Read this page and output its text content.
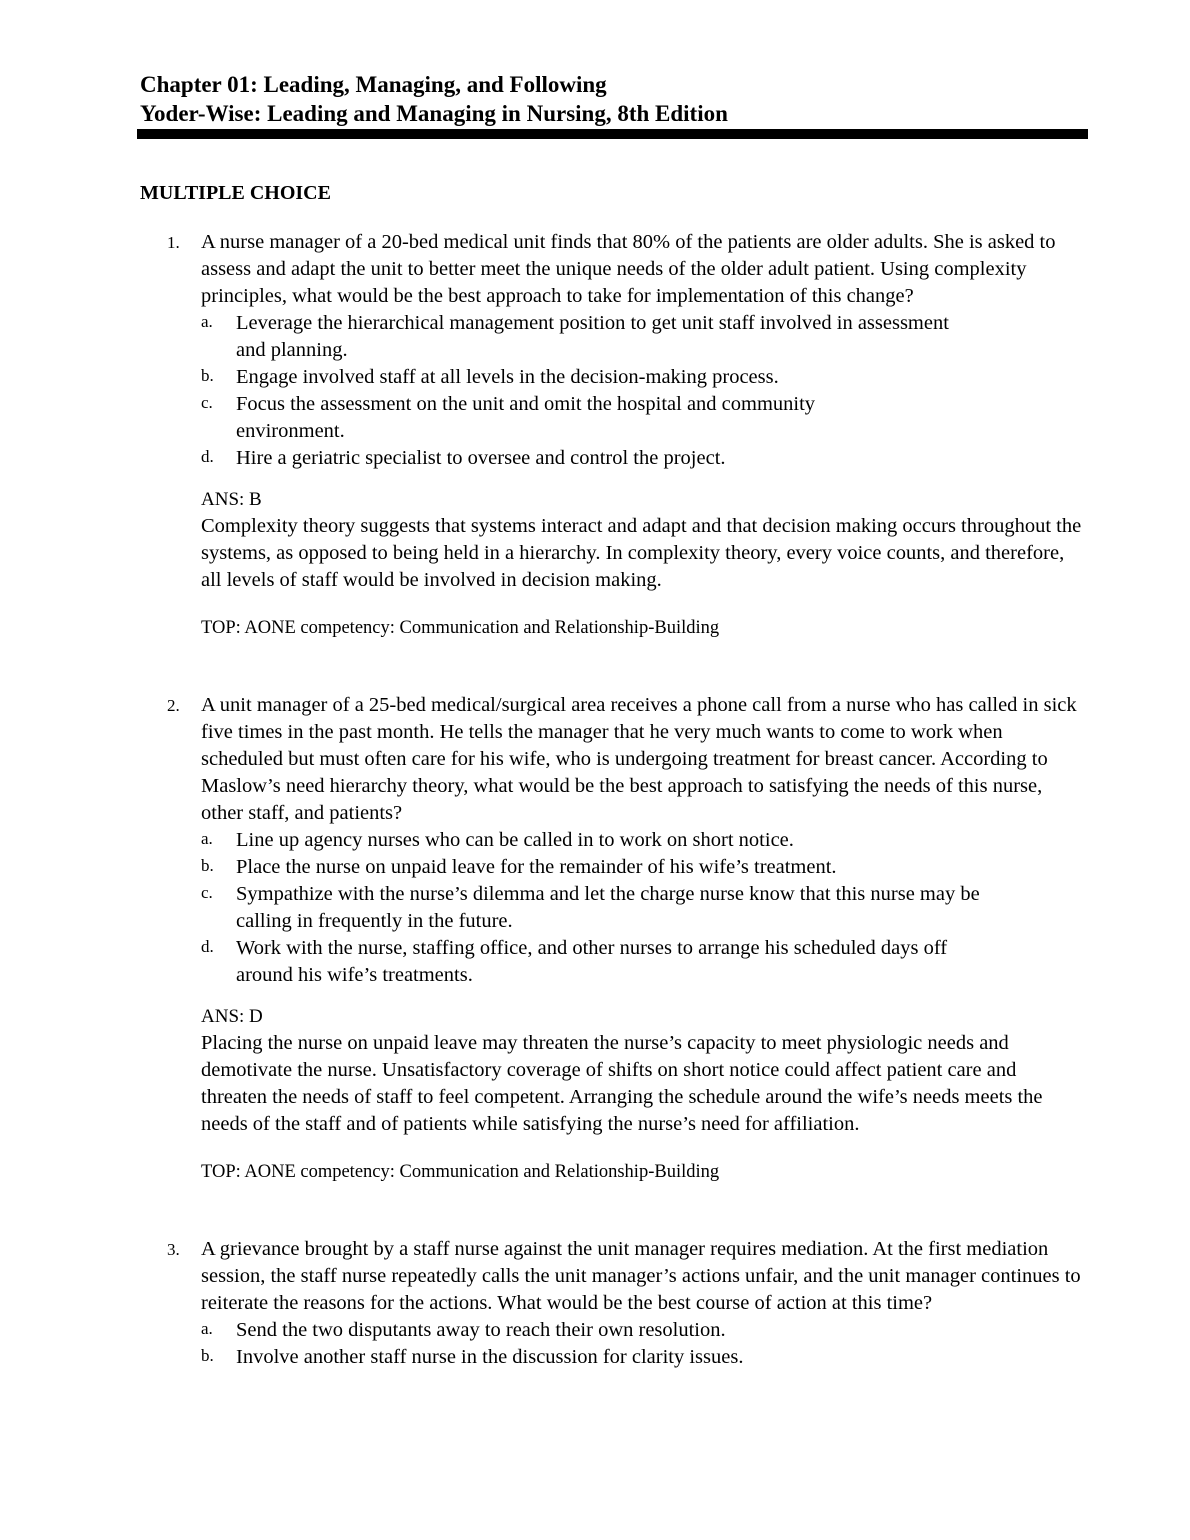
Chapter 01: Leading, Managing, and Following
Yoder-Wise: Leading and Managing in Nursing, 8th Edition
MULTIPLE CHOICE
1. A nurse manager of a 20-bed medical unit finds that 80% of the patients are older adults. She is asked to assess and adapt the unit to better meet the unique needs of the older adult patient. Using complexity principles, what would be the best approach to take for implementation of this change?
a. Leverage the hierarchical management position to get unit staff involved in assessment and planning.
b. Engage involved staff at all levels in the decision-making process.
c. Focus the assessment on the unit and omit the hospital and community environment.
d. Hire a geriatric specialist to oversee and control the project.
ANS: B
Complexity theory suggests that systems interact and adapt and that decision making occurs throughout the systems, as opposed to being held in a hierarchy. In complexity theory, every voice counts, and therefore, all levels of staff would be involved in decision making.
TOP: AONE competency: Communication and Relationship-Building
2. A unit manager of a 25-bed medical/surgical area receives a phone call from a nurse who has called in sick five times in the past month. He tells the manager that he very much wants to come to work when scheduled but must often care for his wife, who is undergoing treatment for breast cancer. According to Maslow’s need hierarchy theory, what would be the best approach to satisfying the needs of this nurse, other staff, and patients?
a. Line up agency nurses who can be called in to work on short notice.
b. Place the nurse on unpaid leave for the remainder of his wife’s treatment.
c. Sympathize with the nurse’s dilemma and let the charge nurse know that this nurse may be calling in frequently in the future.
d. Work with the nurse, staffing office, and other nurses to arrange his scheduled days off around his wife’s treatments.
ANS: D
Placing the nurse on unpaid leave may threaten the nurse’s capacity to meet physiologic needs and demotivate the nurse. Unsatisfactory coverage of shifts on short notice could affect patient care and threaten the needs of staff to feel competent. Arranging the schedule around the wife’s needs meets the needs of the staff and of patients while satisfying the nurse’s need for affiliation.
TOP: AONE competency: Communication and Relationship-Building
3. A grievance brought by a staff nurse against the unit manager requires mediation. At the first mediation session, the staff nurse repeatedly calls the unit manager’s actions unfair, and the unit manager continues to reiterate the reasons for the actions. What would be the best course of action at this time?
a. Send the two disputants away to reach their own resolution.
b. Involve another staff nurse in the discussion for clarity issues.
